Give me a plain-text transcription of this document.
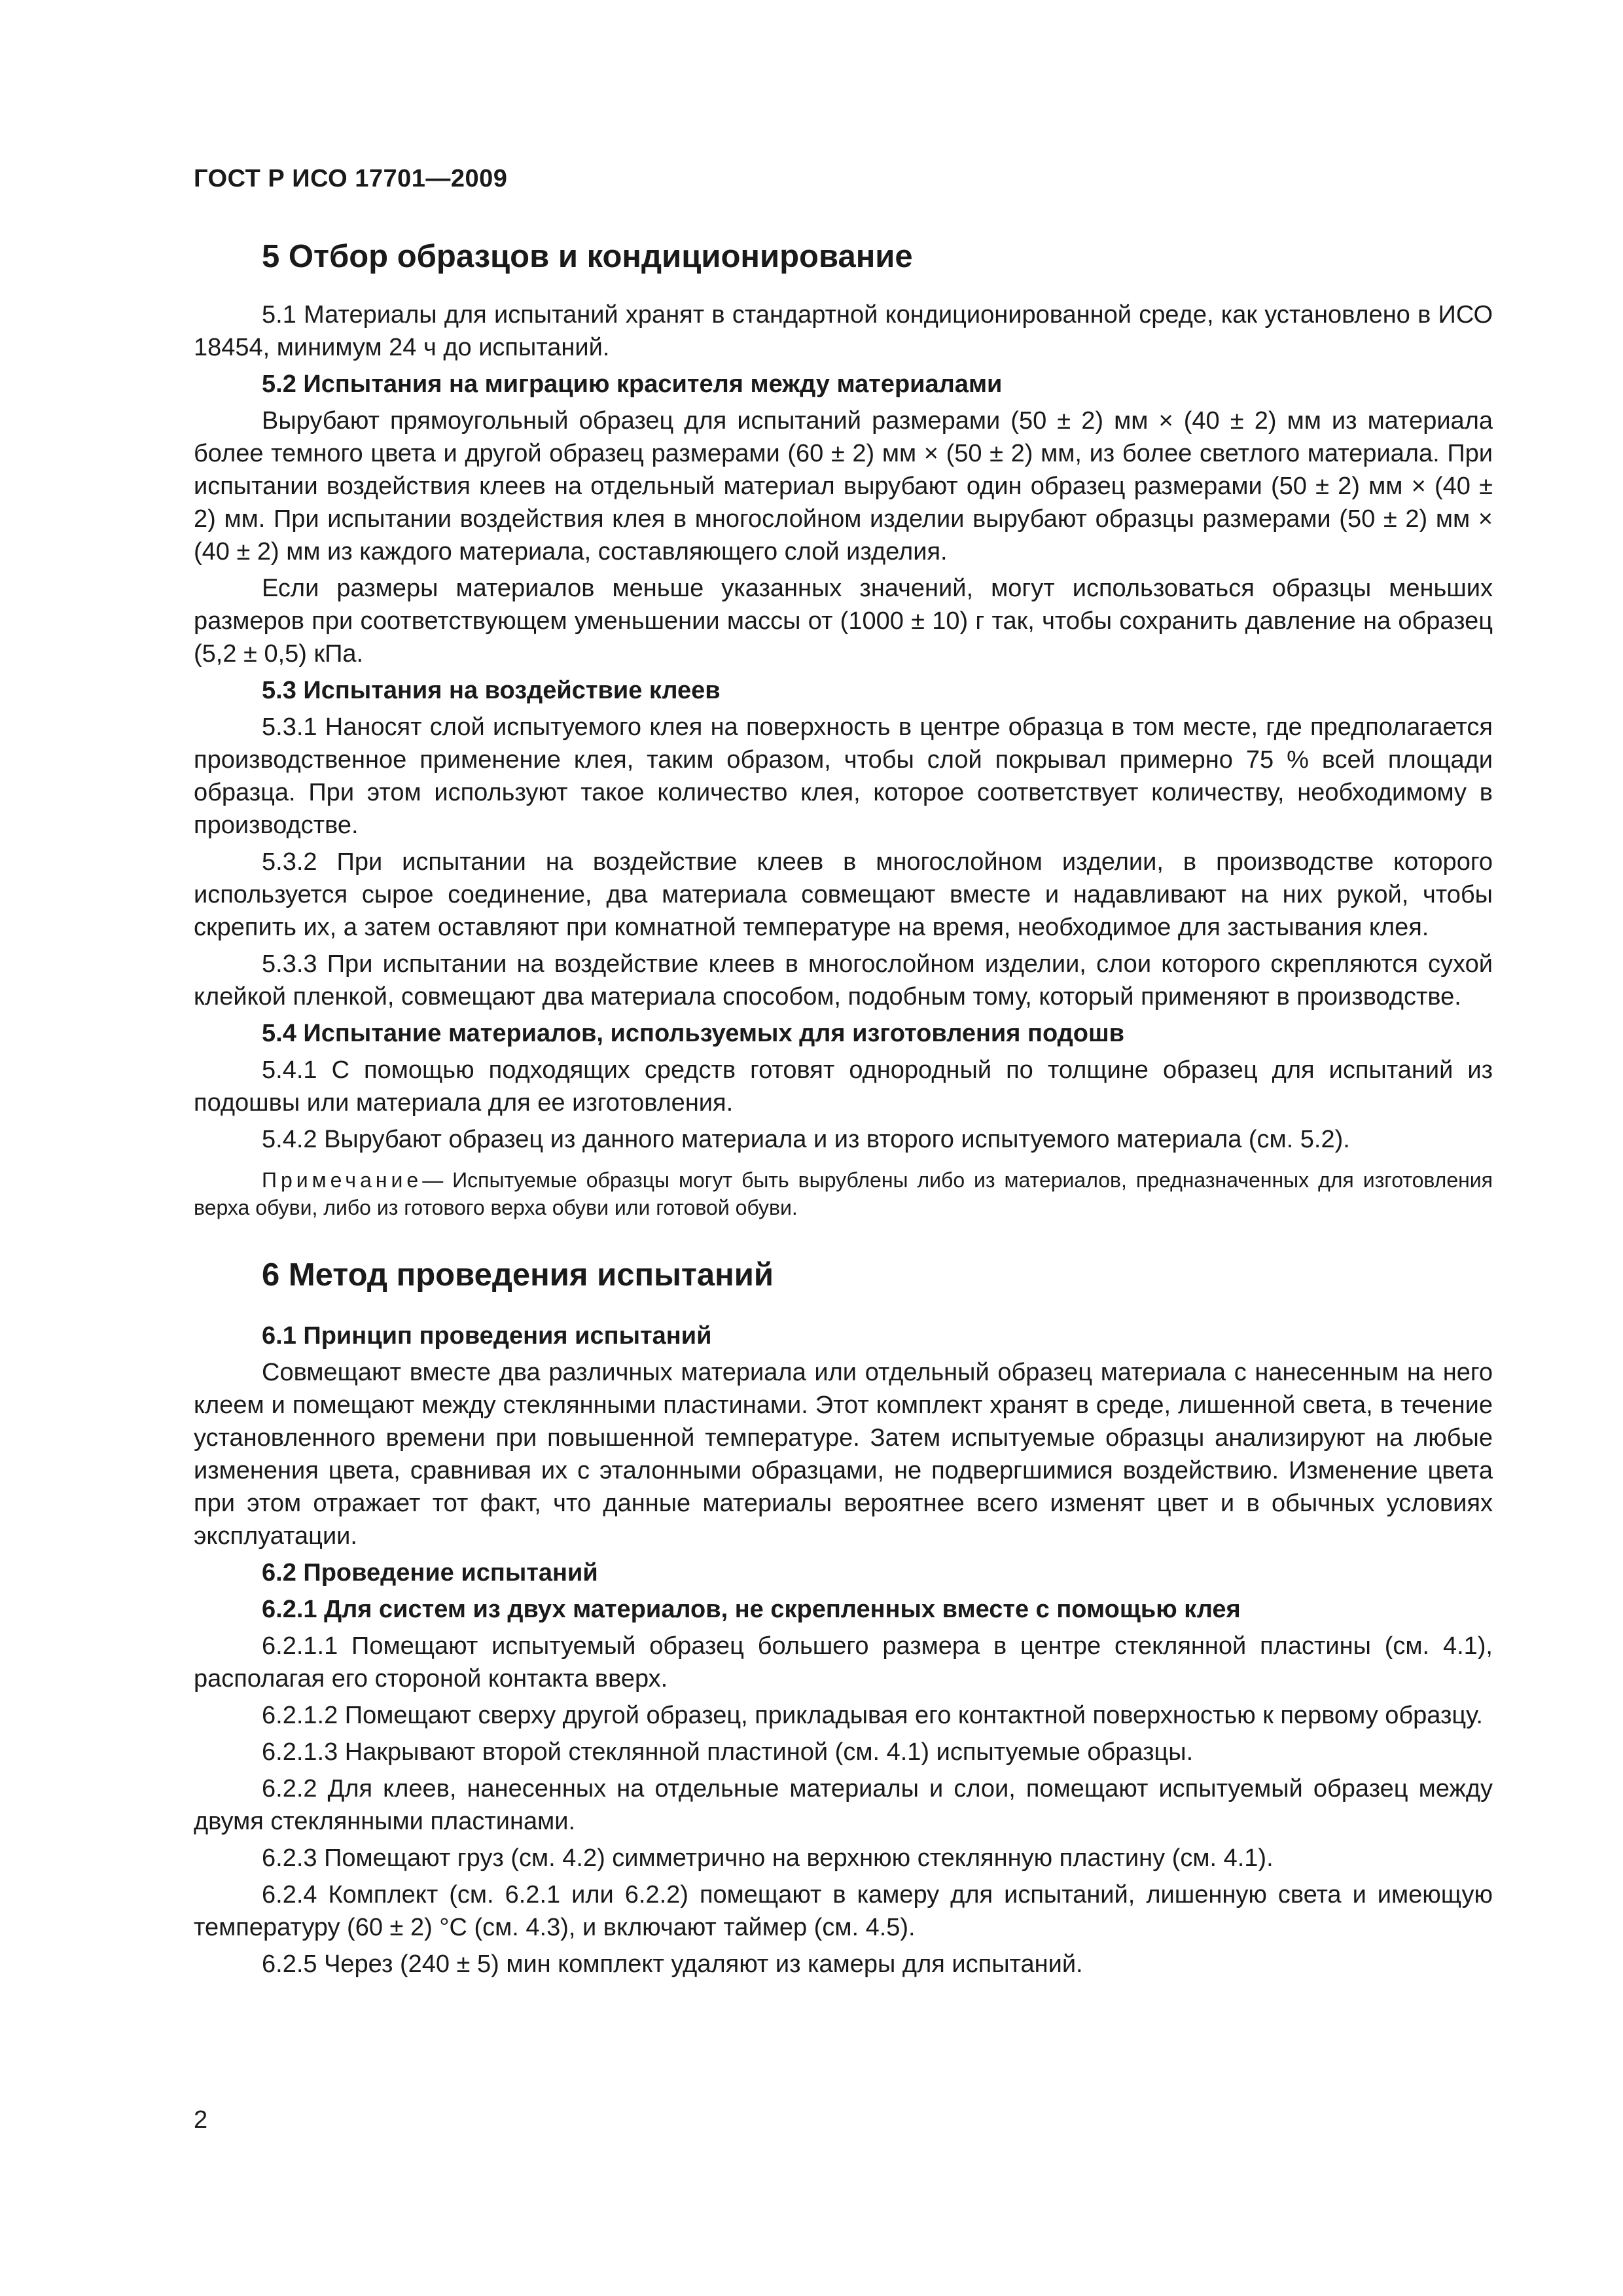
ГОСТ Р ИСО 17701—2009
5 Отбор образцов и кондиционирование

5.1 Материалы для испытаний хранят в стандартной кондиционированной среде, как установлено в ИСО 18454, минимум 24 ч до испытаний.

5.2 Испытания на миграцию красителя между материалами

Вырубают прямоугольный образец для испытаний размерами (50 ± 2) мм × (40 ± 2) мм из материала более темного цвета и другой образец размерами (60 ± 2) мм × (50 ± 2) мм, из более светлого материала. При испытании воздействия клеев на отдельный материал вырубают один образец размерами (50 ± 2) мм × (40 ± 2) мм. При испытании воздействия клея в многослойном изделии вырубают образцы размерами (50 ± 2) мм × (40 ± 2) мм из каждого материала, составляющего слой изделия.

Если размеры материалов меньше указанных значений, могут использоваться образцы меньших размеров при соответствующем уменьшении массы от (1000 ± 10) г так, чтобы сохранить давление на образец (5,2 ± 0,5) кПа.

5.3 Испытания на воздействие клеев

5.3.1 Наносят слой испытуемого клея на поверхность в центре образца в том месте, где предполагается производственное применение клея, таким образом, чтобы слой покрывал примерно 75 % всей площади образца. При этом используют такое количество клея, которое соответствует количеству, необходимому в производстве.

5.3.2 При испытании на воздействие клеев в многослойном изделии, в производстве которого используется сырое соединение, два материала совмещают вместе и надавливают на них рукой, чтобы скрепить их, а затем оставляют при комнатной температуре на время, необходимое для застывания клея.

5.3.3 При испытании на воздействие клеев в многослойном изделии, слои которого скрепляются сухой клейкой пленкой, совмещают два материала способом, подобным тому, который применяют в производстве.

5.4 Испытание материалов, используемых для изготовления подошв

5.4.1 С помощью подходящих средств готовят однородный по толщине образец для испытаний из подошвы или материала для ее изготовления.

5.4.2 Вырубают образец из данного материала и из второго испытуемого материала (см. 5.2).

Примечание— Испытуемые образцы могут быть вырублены либо из материалов, предназначенных для изготовления верха обуви, либо из готового верха обуви или готовой обуви.

6 Метод проведения испытаний
6.1 Принцип проведения испытаний

Совмещают вместе два различных материала или отдельный образец материала с нанесенным на него клеем и помещают между стеклянными пластинами. Этот комплект хранят в среде, лишенной света, в течение установленного времени при повышенной температуре. Затем испытуемые образцы анализируют на любые изменения цвета, сравнивая их с эталонными образцами, не подвергшимися воздействию. Изменение цвета при этом отражает тот факт, что данные материалы вероятнее всего изменят цвет и в обычных условиях эксплуатации.

6.2 Проведение испытаний
6.2.1 Для систем из двух материалов, не скрепленных вместе с помощью клея

6.2.1.1 Помещают испытуемый образец большего размера в центре стеклянной пластины (см. 4.1), располагая его стороной контакта вверх.

6.2.1.2 Помещают сверху другой образец, прикладывая его контактной поверхностью к первому образцу.

6.2.1.3 Накрывают второй стеклянной пластиной (см. 4.1) испытуемые образцы.

6.2.2 Для клеев, нанесенных на отдельные материалы и слои, помещают испытуемый образец между двумя стеклянными пластинами.

6.2.3 Помещают груз (см. 4.2) симметрично на верхнюю стеклянную пластину (см. 4.1).

6.2.4 Комплект (см. 6.2.1 или 6.2.2) помещают в камеру для испытаний, лишенную света и имеющую температуру (60 ± 2) °С (см. 4.3), и включают таймер (см. 4.5).

6.2.5 Через (240 ± 5) мин комплект удаляют из камеры для испытаний.

2
